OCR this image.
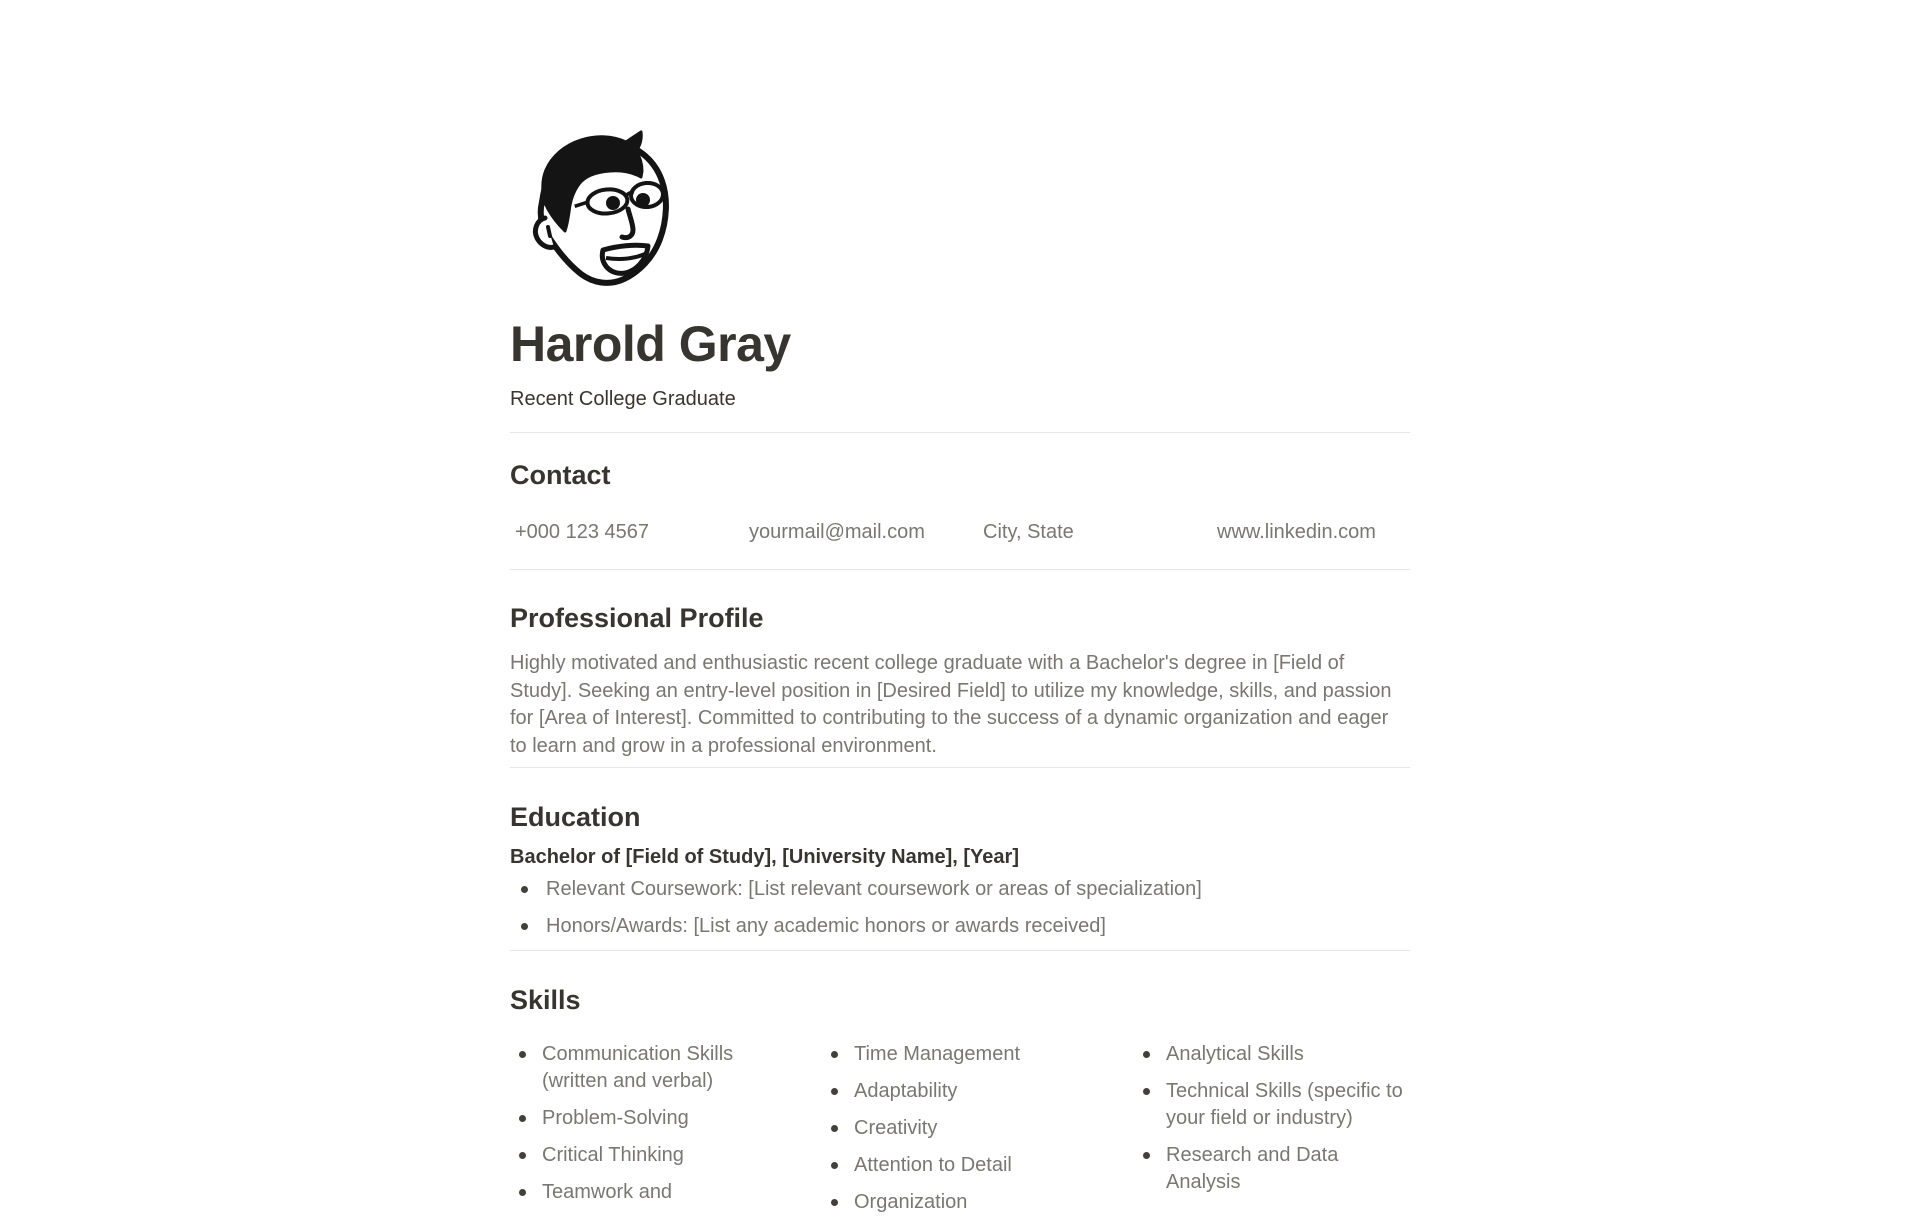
Harold Gray

Recent College Graduate

Contact
+000 123 4567	yourmail@mail.com	City, State	www.linkedin.com
Professional Profile

Highly motivated and enthusiastic recent college graduate with a Bachelor's degree in [Field of Study]. Seeking an entry-level position in [Desired Field] to utilize my knowledge, skills, and passion for [Area of Interest]. Committed to contributing to the success of a dynamic organization and eager to learn and grow in a professional environment.

Education

Bachelor of [Field of Study], [University Name], [Year]

Relevant Coursework: [List relevant coursework or areas of specialization]
Honors/Awards: [List any academic honors or awards received]
Skills
Communication Skills (written and verbal)
Problem-Solving
Critical Thinking
Teamwork and
Time Management
Adaptability
Creativity
Attention to Detail
Organization
Analytical Skills
Technical Skills (specific to your field or industry)
Research and Data Analysis
